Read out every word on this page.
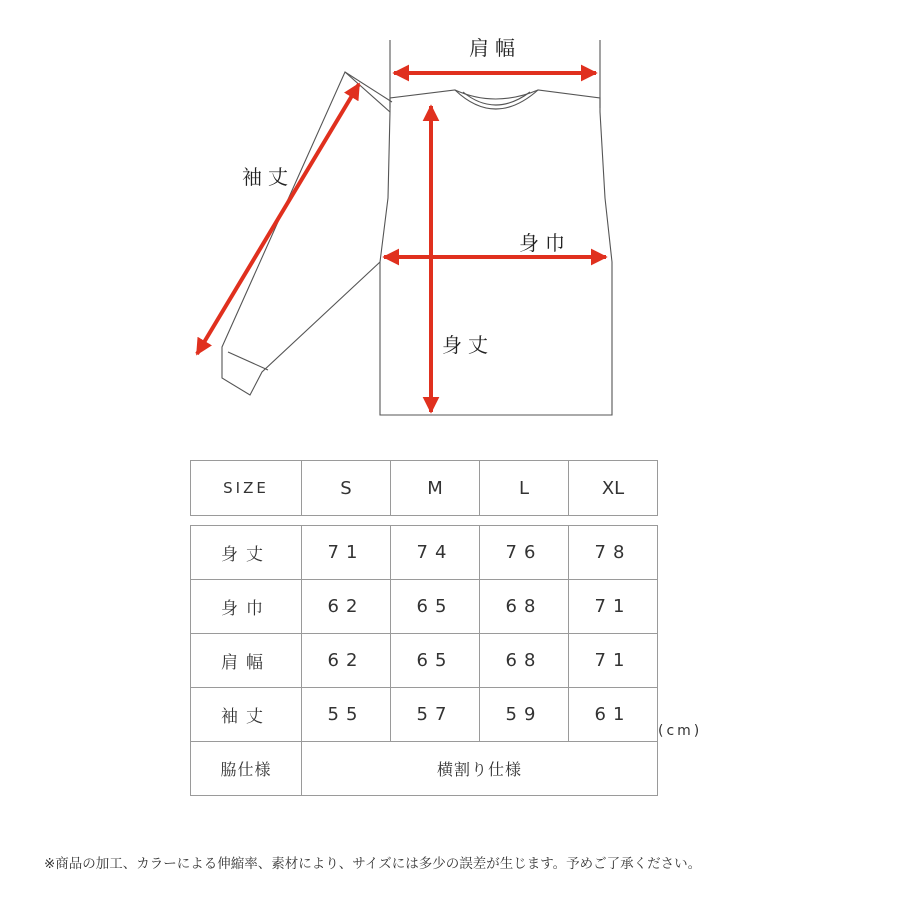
肩幅
袖丈
身巾
身丈
SIZE	S	M	L	XL
身丈	71	74	76	78
身巾	62	65	68	71
肩幅	62	65	68	71
袖丈	55	57	59	61
脇仕様	横割り仕様			
(cm)
※商品の加工、カラーによる伸縮率、素材により、サイズには多少の誤差が生じます。予めご了承ください。
